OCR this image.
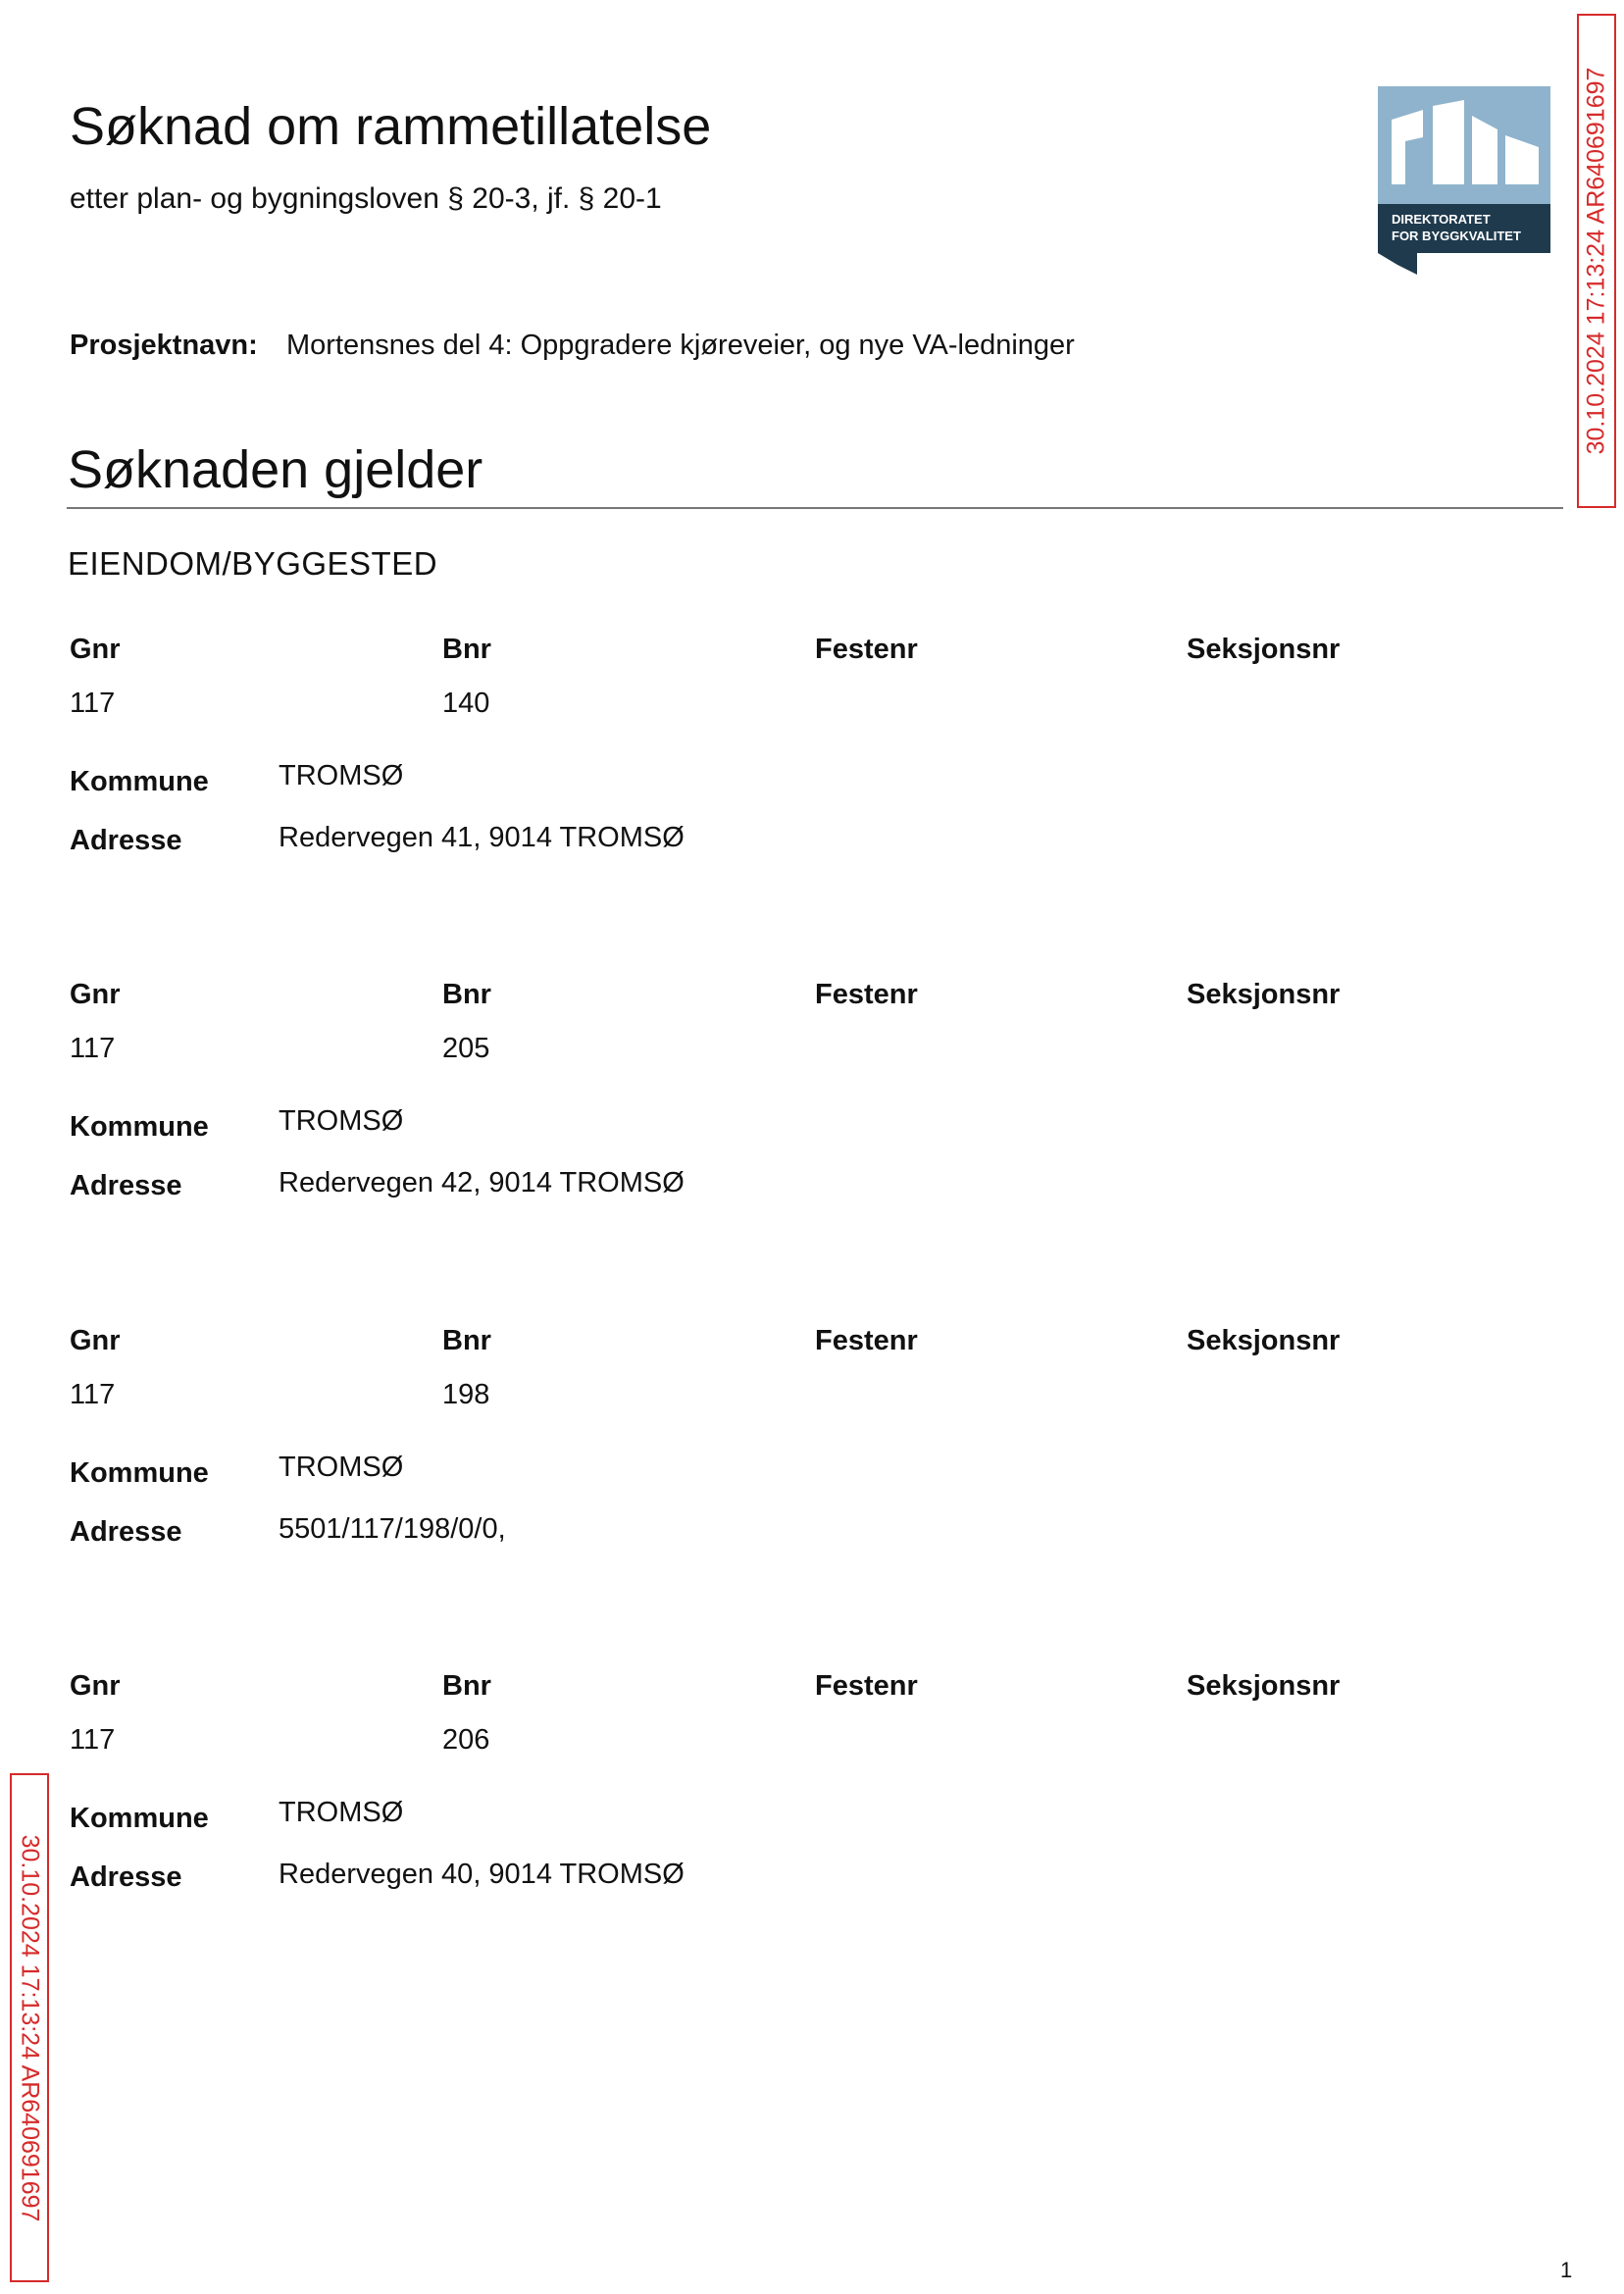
Søknad om rammetillatelse
etter plan- og bygningsloven § 20-3, jf. § 20-1
DIREKTORATET
FOR BYGGKVALITET
Prosjektnavn: Mortensnes del 4: Oppgradere kjøreveier, og nye VA-ledninger
Søknaden gjelder
EIENDOM/BYGGESTED
Gnr	Bnr	Festenr	Seksjonsnr
117	140
Kommune TROMSØ
Adresse	Redervegen 41, 9014 TROMSØ
Gnr	Bnr	Festenr	Seksjonsnr
117	205
Kommune TROMSØ
Adresse	Redervegen 42, 9014 TROMSØ
Gnr	Bnr	Festenr	Seksjonsnr
117	198
Kommune TROMSØ
Adresse	5501/117/198/0/0,
Gnr	Bnr	Festenr	Seksjonsnr
117	206
Kommune TROMSØ
Adresse	Redervegen 40, 9014 TROMSØ
30.10.2024 17:13:24 AR640691697
30.10.2024 17:13:24 AR640691697
1
